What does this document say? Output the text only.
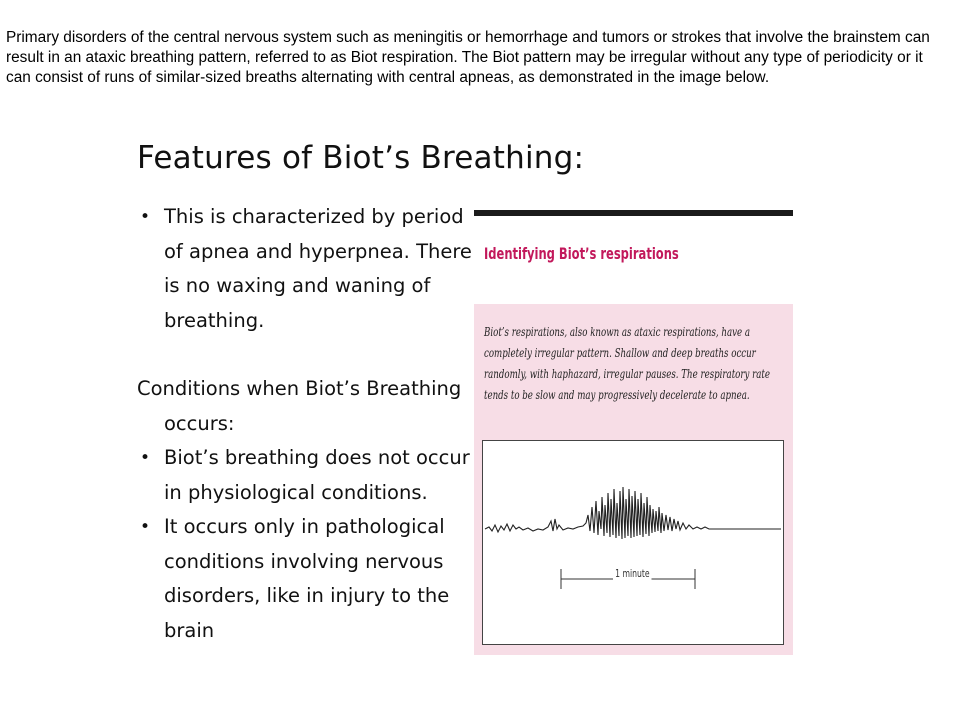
Primary disorders of the central nervous system such as meningitis or hemorrhage and tumors or strokes that involve the brainstem can result in an ataxic breathing pattern, referred to as Biot respiration. The Biot pattern may be irregular without any type of periodicity or it can consist of runs of similar-sized breaths alternating with central apneas, as demonstrated in the image below.

Features of Biot’s Breathing:
• This is characterized by period of apnea and hyperpnea. There is no waxing and waning of breathing.

Conditions when Biot’s Breathing
occurs:

• Biot’s breathing does not occur in physiological conditions.
• It occurs only in pathological conditions involving nervous disorders, like in injury to the brain

Identifying Biot’s respirations

Biot’s respirations, also known as ataxic respirations, have a completely irregular pattern. Shallow and deep breaths occur randomly, with haphazard, irregular pauses. The respiratory rate tends to be slow and may progressively decelerate to apnea.

1 minute
